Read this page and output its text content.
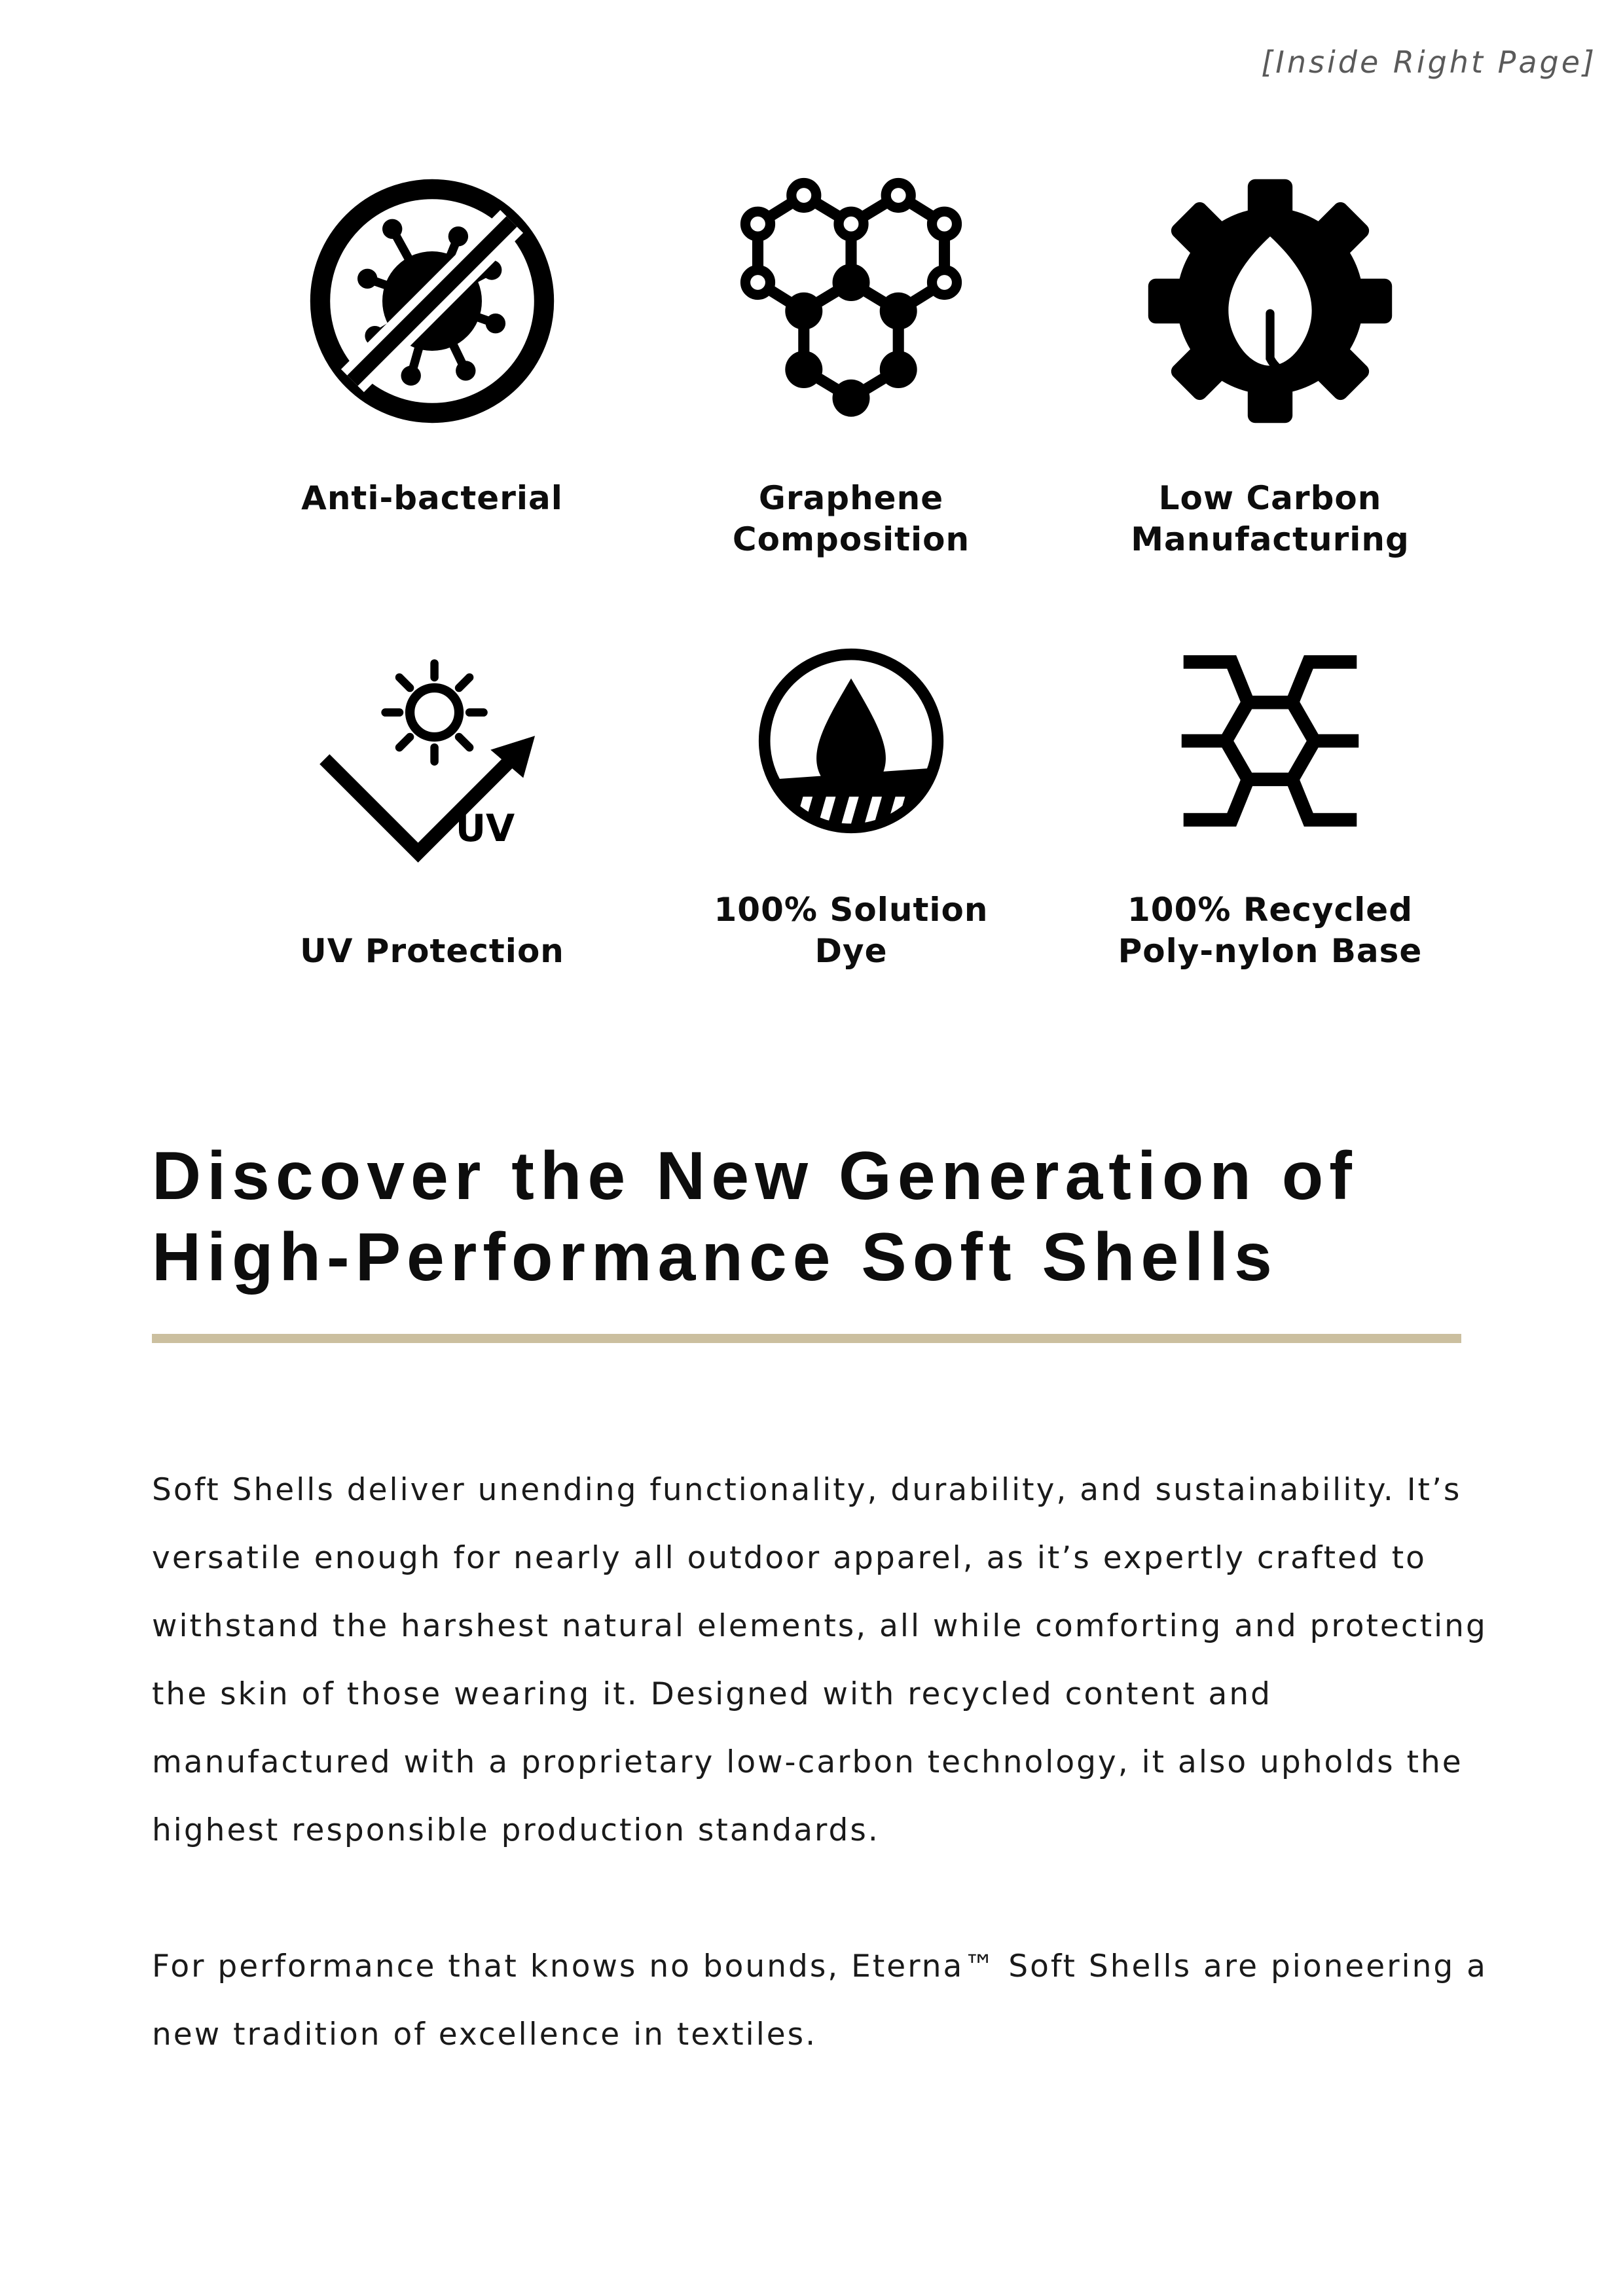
[Inside Right Page]
Anti-bacterial	Graphene
Composition
Low Carbon
Manufacturing
UV
UV Protection
100% Solution
Dye
100% Recycled
Poly-nylon Base
Discover the New Generation of High-Performance Soft Shells

Soft Shells deliver unending functionality, durability, and sustainability. It’s versatile enough for nearly all outdoor apparel, as it’s expertly crafted to withstand the harshest natural elements, all while comforting and protecting the skin of those wearing it. Designed with recycled content and manufactured with a proprietary low-carbon technology, it also upholds the highest responsible production standards.

For performance that knows no bounds, Eterna™ Soft Shells are pioneering a new tradition of excellence in textiles.
